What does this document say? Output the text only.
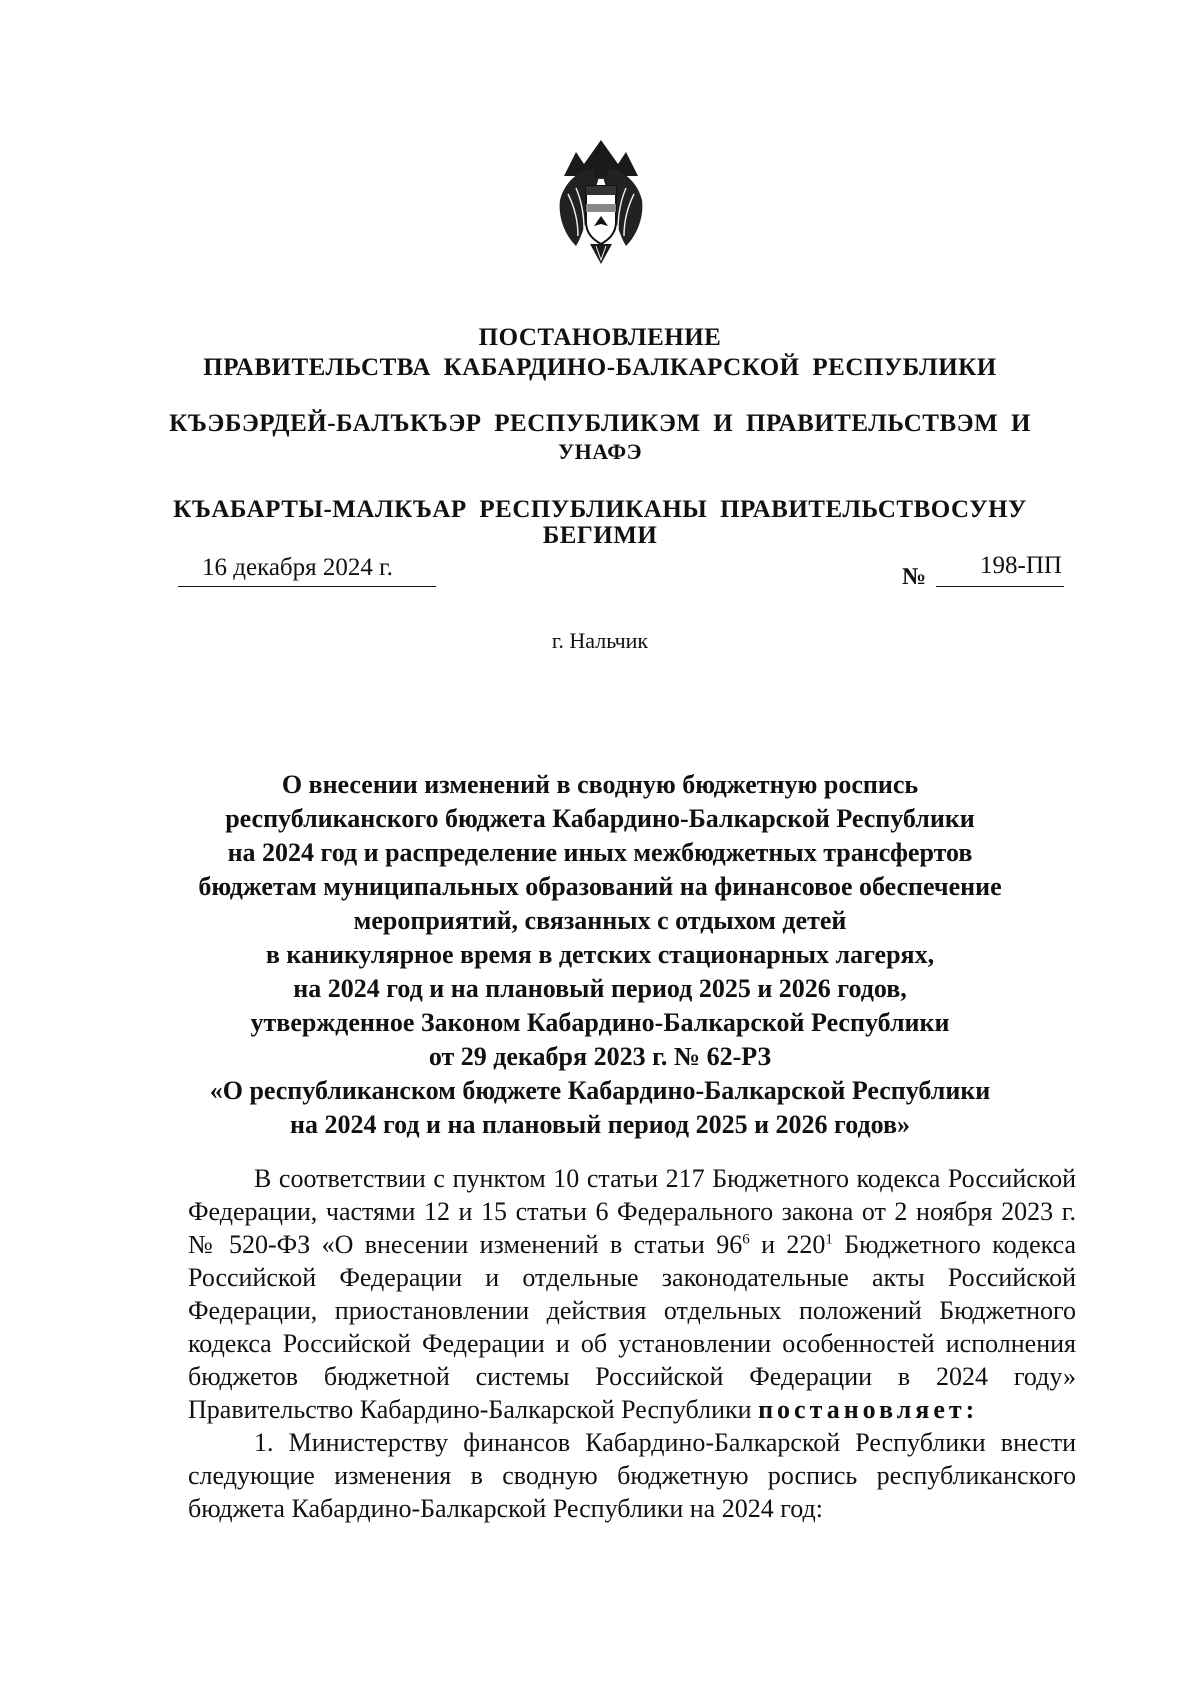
ПОСТАНОВЛЕНИЕ
ПРАВИТЕЛЬСТВА КАБАРДИНО-БАЛКАРСКОЙ РЕСПУБЛИКИ
КЪЭБЭРДЕЙ-БАЛЪКЪЭР РЕСПУБЛИКЭМ И ПРАВИТЕЛЬСТВЭМ И
УНАФЭ
КЪАБАРТЫ-МАЛКЪАР РЕСПУБЛИКАНЫ ПРАВИТЕЛЬСТВОСУНУ
БЕГИМИ
16 декабря 2024 г.	№ 198-ПП
г. Нальчик
О внесении изменений в сводную бюджетную роспись
республиканского бюджета Кабардино-Балкарской Республики
на 2024 год и распределение иных межбюджетных трансфертов
бюджетам муниципальных образований на финансовое обеспечение
мероприятий, связанных с отдыхом детей
в каникулярное время в детских стационарных лагерях,
на 2024 год и на плановый период 2025 и 2026 годов,
утвержденное Законом Кабардино-Балкарской Республики
от 29 декабря 2023 г. № 62-РЗ
«О республиканском бюджете Кабардино-Балкарской Республики
на 2024 год и на плановый период 2025 и 2026 годов»

В соответствии с пунктом 10 статьи 217 Бюджетного кодекса Российской Федерации, частями 12 и 15 статьи 6 Федерального закона от 2 ноября 2023 г. № 520-ФЗ «О внесении изменений в статьи $96^6$ и $220^1$ Бюджетного кодекса Российской Федерации и отдельные законодательные акты Российской Федерации, приостановлении действия отдельных положений Бюджетного кодекса Российской Федерации и об установлении особенностей исполнения бюджетов бюджетной системы Российской Федерации в 2024 году» Правительство Кабардино-Балкарской Республики постановляет:

1. Министерству финансов Кабардино-Балкарской Республики внести следующие изменения в сводную бюджетную роспись республиканского бюджета Кабардино-Балкарской Республики на 2024 год:
